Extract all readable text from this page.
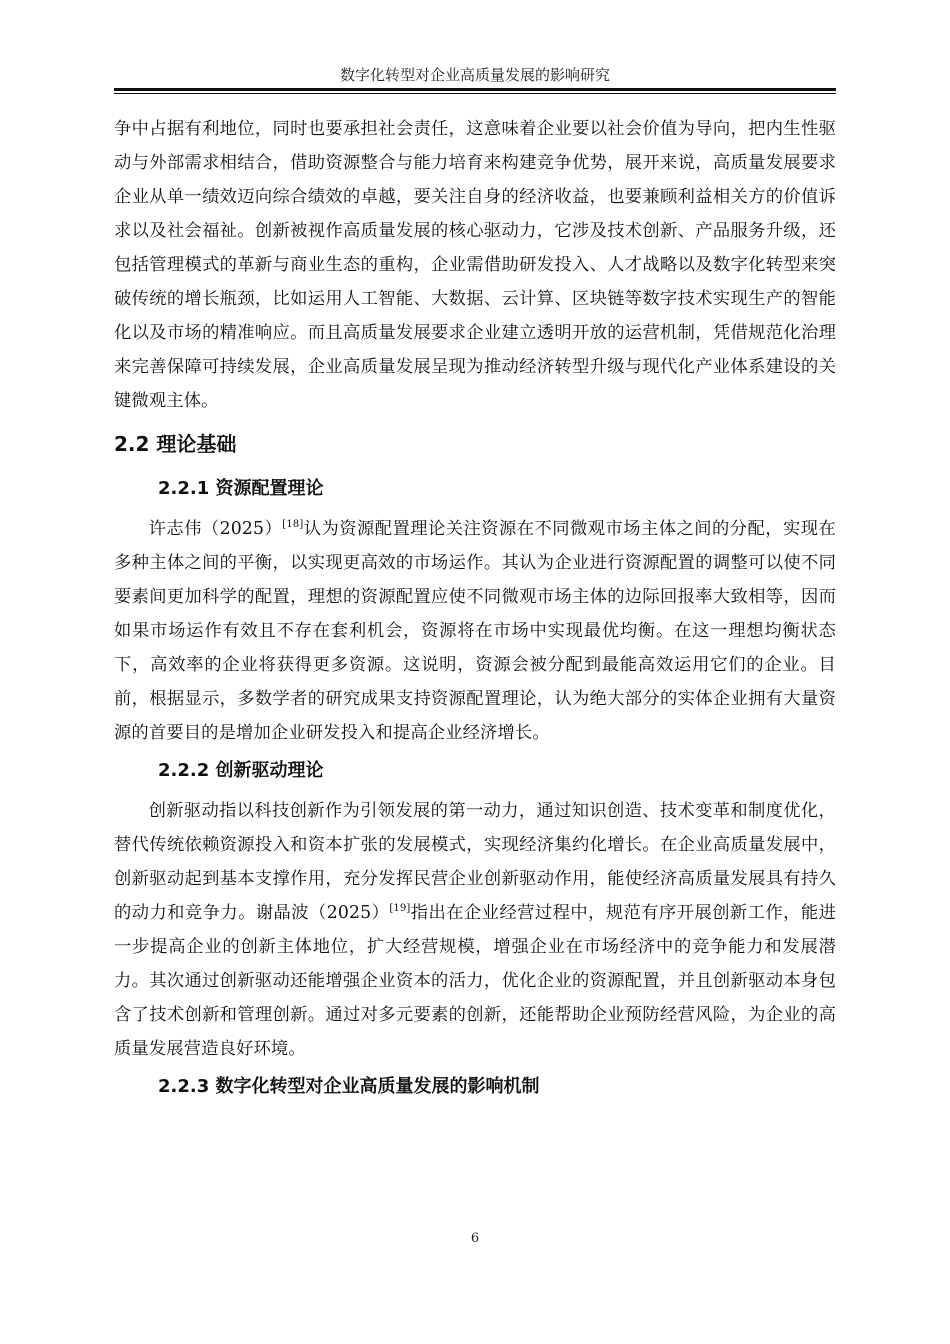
数字化转型对企业高质量发展的影响研究

争中占据有利地位，同时也要承担社会责任，这意味着企业要以社会价值为导向，把内生性驱动与外部需求相结合，借助资源整合与能力培育来构建竞争优势，展开来说，高质量发展要求企业从单一绩效迈向综合绩效的卓越，要关注自身的经济收益，也要兼顾利益相关方的价值诉求以及社会福祉。创新被视作高质量发展的核心驱动力，它涉及技术创新、产品服务升级，还包括管理模式的革新与商业生态的重构，企业需借助研发投入、人才战略以及数字化转型来突破传统的增长瓶颈，比如运用人工智能、大数据、云计算、区块链等数字技术实现生产的智能化以及市场的精准响应。而且高质量发展要求企业建立透明开放的运营机制，凭借规范化治理来完善保障可持续发展，企业高质量发展呈现为推动经济转型升级与现代化产业体系建设的关键微观主体。

2.2 理论基础
2.2.1 资源配置理论

许志伟（2025）[18]认为资源配置理论关注资源在不同微观市场主体之间的分配，实现在多种主体之间的平衡，以实现更高效的市场运作。其认为企业进行资源配置的调整可以使不同要素间更加科学的配置，理想的资源配置应使不同微观市场主体的边际回报率大致相等，因而如果市场运作有效且不存在套利机会，资源将在市场中实现最优均衡。在这一理想均衡状态下，高效率的企业将获得更多资源。这说明，资源会被分配到最能高效运用它们的企业。目前，根据显示，多数学者的研究成果支持资源配置理论，认为绝大部分的实体企业拥有大量资源的首要目的是增加企业研发投入和提高企业经济增长。

2.2.2 创新驱动理论

创新驱动指以科技创新作为引领发展的第一动力，通过知识创造、技术变革和制度优化，替代传统依赖资源投入和资本扩张的发展模式，实现经济集约化增长。在企业高质量发展中，创新驱动起到基本支撑作用，充分发挥民营企业创新驱动作用，能使经济高质量发展具有持久的动力和竞争力。谢晶波（2025）[19]指出在企业经营过程中，规范有序开展创新工作，能进一步提高企业的创新主体地位，扩大经营规模，增强企业在市场经济中的竞争能力和发展潜力。其次通过创新驱动还能增强企业资本的活力，优化企业的资源配置，并且创新驱动本身包含了技术创新和管理创新。通过对多元要素的创新，还能帮助企业预防经营风险，为企业的高质量发展营造良好环境。

2.2.3 数字化转型对企业高质量发展的影响机制
6
